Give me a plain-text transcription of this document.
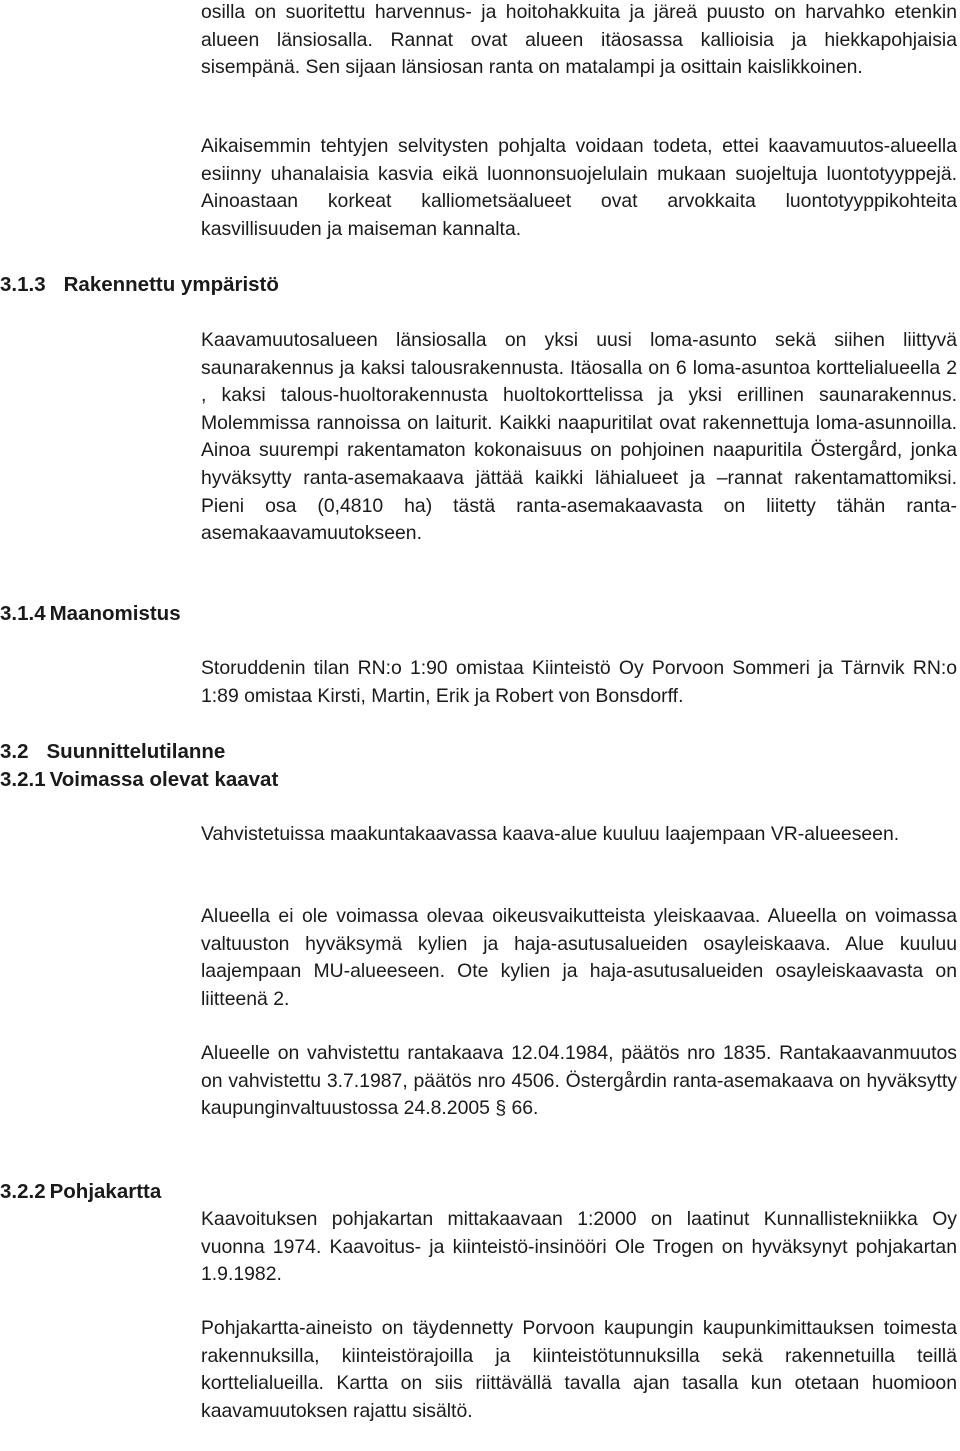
osilla on suoritettu harvennus- ja hoitohakkuita ja järeä puusto on harvahko etenkin alueen länsiosalla. Rannat ovat alueen itäosassa kallioisia ja hiekkapohjaisia sisempänä. Sen sijaan länsiosan ranta on matalampi ja osittain kaislikkoinen.

Aikaisemmin tehtyjen selvitysten pohjalta voidaan todeta, ettei kaavamuutos-alueella esiinny uhanalaisia kasvia eikä luonnonsuojelulain mukaan suojeltuja luontotyyppejä. Ainoastaan korkeat kalliometsäalueet ovat arvokkaita luontotyyppikohteita kasvillisuuden ja maiseman kannalta.

3.1.3 Rakennettu ympäristö

Kaavamuutosalueen länsiosalla on yksi uusi loma-asunto sekä siihen liittyvä saunarakennus ja kaksi talousrakennusta. Itäosalla on 6 loma-asuntoa korttelialueella 2 , kaksi talous-huoltorakennusta huoltokorttelissa ja yksi erillinen saunarakennus. Molemmissa rannoissa on laiturit. Kaikki naapuritilat ovat rakennettuja loma-asunnoilla. Ainoa suurempi rakentamaton kokonaisuus on pohjoinen naapuritila Östergård, jonka hyväksytty ranta-asemakaava jättää kaikki lähialueet ja –rannat rakentamattomiksi. Pieni osa (0,4810 ha) tästä ranta-asemakaavasta on liitetty tähän ranta-asemakaavamuutokseen.

3.1.4 Maanomistus

Storuddenin tilan RN:o 1:90 omistaa Kiinteistö Oy Porvoon Sommeri ja Tärnvik RN:o 1:89 omistaa Kirsti, Martin, Erik ja Robert von Bonsdorff.

3.2 Suunnittelutilanne
3.2.1 Voimassa olevat kaavat

Vahvistetuissa maakuntakaavassa kaava-alue kuuluu laajempaan VR-alueeseen.

Alueella ei ole voimassa olevaa oikeusvaikutteista yleiskaavaa. Alueella on voimassa valtuuston hyväksymä kylien ja haja-asutusalueiden osayleiskaava. Alue kuuluu laajempaan MU-alueeseen. Ote kylien ja haja-asutusalueiden osayleiskaavasta on liitteenä 2.

Alueelle on vahvistettu rantakaava 12.04.1984, päätös nro 1835. Rantakaavanmuutos on vahvistettu 3.7.1987, päätös nro 4506. Östergårdin ranta-asemakaava on hyväksytty kaupunginvaltuustossa 24.8.2005 § 66.

3.2.2 Pohjakartta

Kaavoituksen pohjakartan mittakaavaan 1:2000 on laatinut Kunnallistekniikka Oy vuonna 1974. Kaavoitus- ja kiinteistö-insinööri Ole Trogen on hyväksynyt pohjakartan 1.9.1982.

Pohjakartta-aineisto on täydennetty Porvoon kaupungin kaupunkimittauksen toimesta rakennuksilla, kiinteistörajoilla ja kiinteistötunnuksilla sekä rakennetuilla teillä korttelialueilla. Kartta on siis riittävällä tavalla ajan tasalla kun otetaan huomioon kaavamuutoksen rajattu sisältö.
